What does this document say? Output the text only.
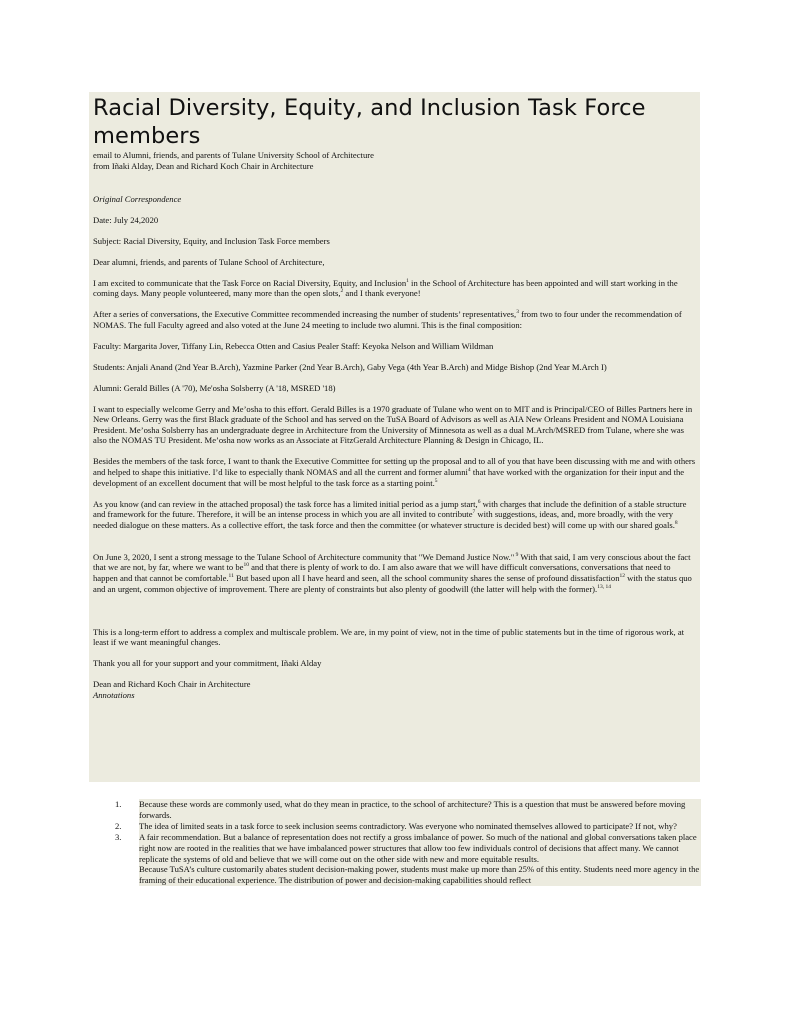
Racial Diversity, Equity, and Inclusion Task Force members
email to Alumni, friends, and parents of Tulane University School of Architecture
from Iñaki Alday, Dean and Richard Koch Chair in Architecture

Original Correspondence

Date: July 24,2020

Subject: Racial Diversity, Equity, and Inclusion Task Force members

Dear alumni, friends, and parents of Tulane School of Architecture,

I am excited to communicate that the Task Force on Racial Diversity, Equity, and Inclusion$^1$ in the School of Architecture has been appointed and will start working in the coming days. Many people volunteered, many more than the open slots,$^2$ and I thank everyone!

After a series of conversations, the Executive Committee recommended increasing the number of students’ representatives,$^3$ from two to four under the recommendation of NOMAS. The full Faculty agreed and also voted at the June 24 meeting to include two alumni. This is the final composition:

Faculty: Margarita Jover, Tiffany Lin, Rebecca Otten and Casius Pealer Staff: Keyoka Nelson and William Wildman

Students: Anjali Anand (2nd Year B.Arch), Yazmine Parker (2nd Year B.Arch), Gaby Vega (4th Year B.Arch) and Midge Bishop (2nd Year M.Arch I)

Alumni: Gerald Billes (A '70), Me'osha Solsberry (A '18, MSRED '18)

I want to especially welcome Gerry and Me’osha to this effort. Gerald Billes is a 1970 graduate of Tulane who went on to MIT and is Principal/CEO of Billes Partners here in New Orleans. Gerry was the first Black graduate of the School and has served on the TuSA Board of Advisors as well as AIA New Orleans President and NOMA Louisiana President. Me’osha Solsberry has an undergraduate degree in Architecture from the University of Minnesota as well as a dual M.Arch/MSRED from Tulane, where she was also the NOMAS TU President. Me’osha now works as an Associate at FitzGerald Architecture Planning & Design in Chicago, IL.

Besides the members of the task force, I want to thank the Executive Committee for setting up the proposal and to all of you that have been discussing with me and with others and helped to shape this initiative. I’d like to especially thank NOMAS and all the current and former alumni$^4$ that have worked with the organization for their input and the development of an excellent document that will be most helpful to the task force as a starting point.$^5$

As you know (and can review in the attached proposal) the task force has a limited initial period as a jump start,$^6$ with charges that include the definition of a stable structure and framework for the future. Therefore, it will be an intense process in which you are all invited to contribute$^7$ with suggestions, ideas, and, more broadly, with the very needed dialogue on these matters. As a collective effort, the task force and then the committee (or whatever structure is decided best) will come up with our shared goals.$^8$

On June 3, 2020, I sent a strong message to the Tulane School of Architecture community that "We Demand Justice Now." $^9$ With that said, I am very conscious about the fact that we are not, by far, where we want to $be^{10}$ and that there is plenty of work to do. I am also aware that we will have difficult conversations, conversations that need to happen and that cannot be comfortable.$^{11}$ But based upon all I have heard and seen, all the school community shares the sense of profound dissatisfaction$^{12}$ with the status quo and an urgent, common objective of improvement. There are plenty of constraints but also plenty of goodwill (the latter will help with the former).$^{13, 14}$

This is a long-term effort to address a complex and multiscale problem. We are, in my point of view, not in the time of public statements but in the time of rigorous work, at least if we want meaningful changes.

Thank you all for your support and your commitment, Iñaki Alday

Dean and Richard Koch Chair in Architecture

Annotations

1. Because these words are commonly used, what do they mean in practice, to the school of architecture? This is a question that must be answered before moving forwards.
2. The idea of limited seats in a task force to seek inclusion seems contradictory. Was everyone who nominated themselves allowed to participate? If not, why?
3. A fair recommendation. But a balance of representation does not rectify a gross imbalance of power. So much of the national and global conversations taken place right now are rooted in the realities that we have imbalanced power structures that allow too few individuals control of decisions that affect many. We cannot replicate the systems of old and believe that we will come out on the other side with new and more equitable results.
Because TuSA’s culture customarily abates student decision-making power, students must make up more than 25% of this entity. Students need more agency in the framing of their educational experience. The distribution of power and decision-making capabilities should reflect
